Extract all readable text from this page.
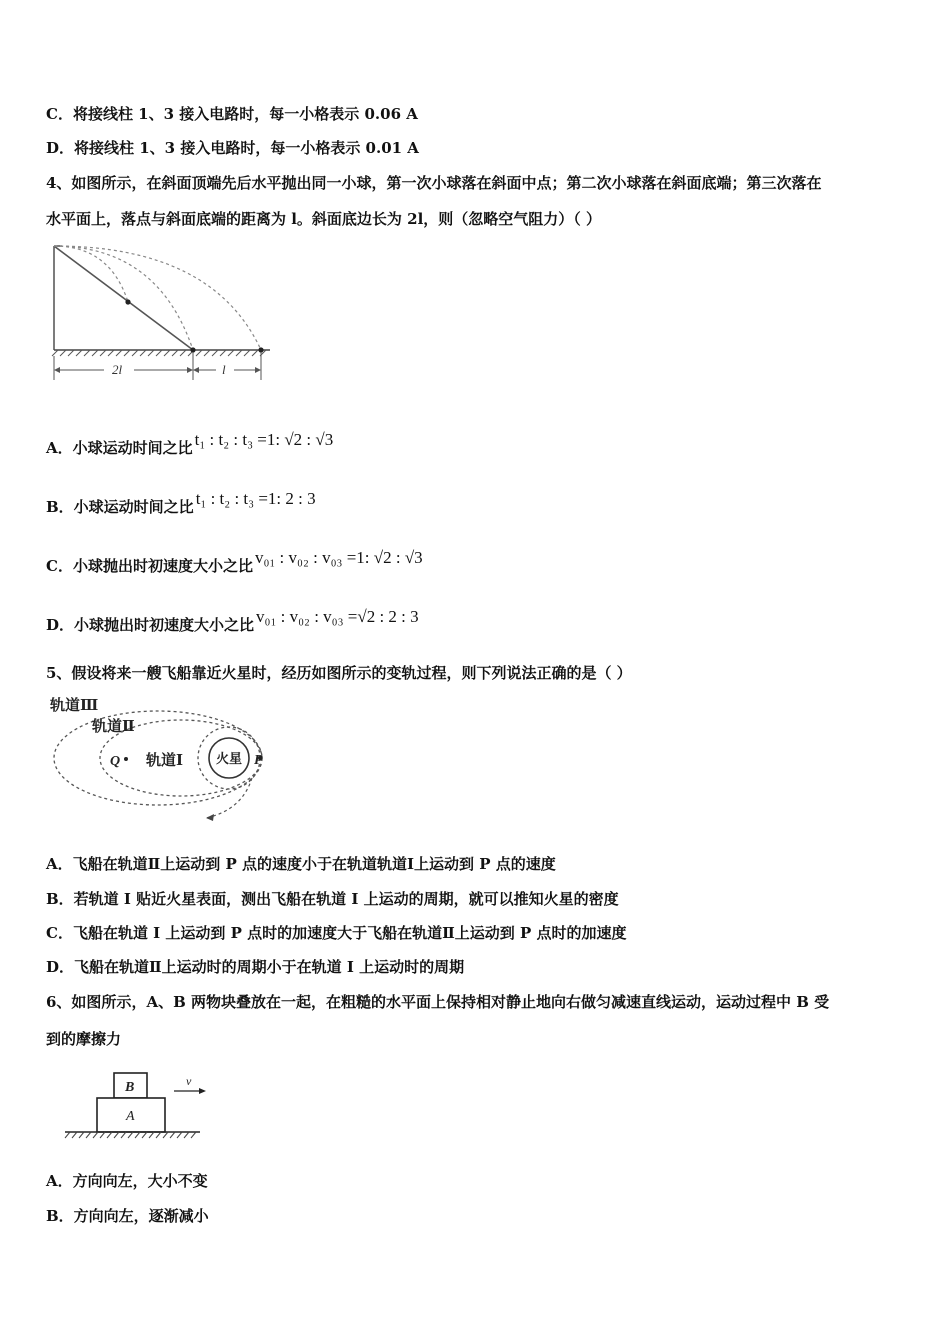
C．将接线柱 1、3 接入电路时，每一小格表示 0.06 A
D．将接线柱 1、3 接入电路时，每一小格表示 0.01 A
4、如图所示，在斜面顶端先后水平抛出同一小球，第一次小球落在斜面中点；第二次小球落在斜面底端；第三次落在
水平面上，落点与斜面底端的距离为 l。斜面底边长为 2l，则（忽略空气阻力）（ ）
2l	l
A．小球运动时间之比 t₁ : t₂ : t₃ =1: √2 : √3
B．小球运动时间之比 t₁ : t₂ : t₃ =1: 2 : 3
C．小球抛出时初速度大小之比 v₀₁ : v₀₂ : v₀₃ =1: √2 : √3
D．小球抛出时初速度大小之比 v₀₁ : v₀₂ : v₀₃ =√2 : 2 : 3
5、假设将来一艘飞船靠近火星时，经历如图所示的变轨过程，则下列说法正确的是（ ）
火星
Q	P
轨道Ⅲ
轨道Ⅱ
轨道Ⅰ
A．飞船在轨道Ⅱ上运动到 P 点的速度小于在轨道轨道Ⅰ上运动到 P 点的速度
B．若轨道 I 贴近火星表面，测出飞船在轨道 I 上运动的周期，就可以推知火星的密度
C．飞船在轨道 I 上运动到 P 点时的加速度大于飞船在轨道Ⅱ上运动到 P 点时的加速度
D．飞船在轨道Ⅱ上运动时的周期小于在轨道 I 上运动时的周期
6、如图所示，A、B 两物块叠放在一起，在粗糙的水平面上保持相对静止地向右做匀减速直线运动，运动过程中 B 受
到的摩擦力
B
A
v
A．方向向左，大小不变
B．方向向左，逐渐减小
